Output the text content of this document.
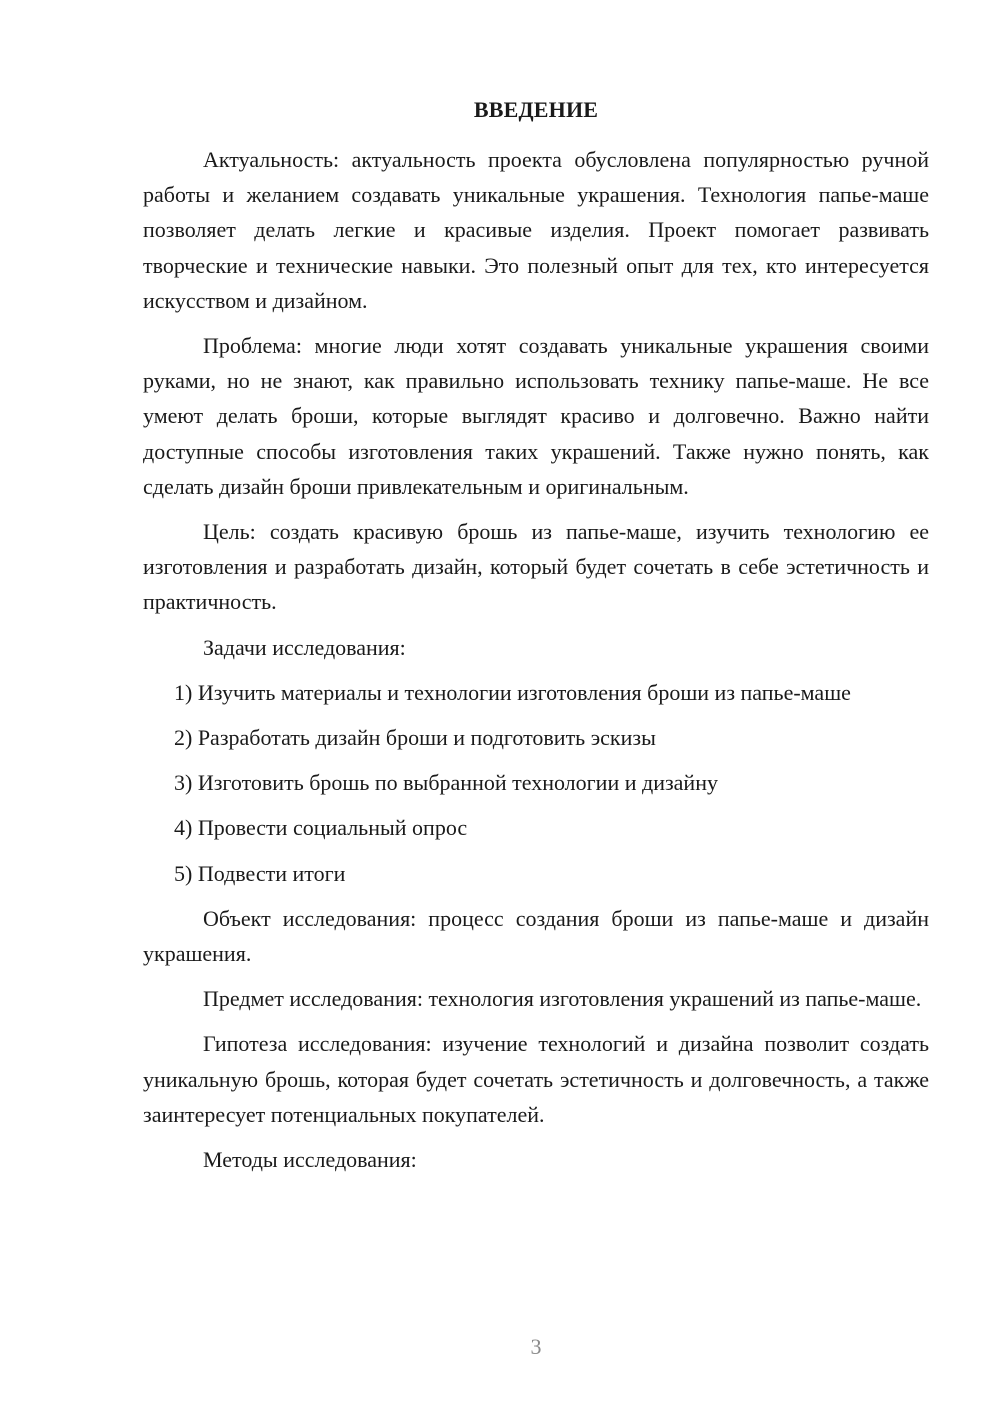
ВВЕДЕНИЕ

Актуальность: актуальность проекта обусловлена популярностью ручной работы и желанием создавать уникальные украшения. Технология папье-маше позволяет делать легкие и красивые изделия. Проект помогает развивать творческие и технические навыки. Это полезный опыт для тех, кто интересуется искусством и дизайном.

Проблема: многие люди хотят создавать уникальные украшения своими руками, но не знают, как правильно использовать технику папье-маше. Не все умеют делать броши, которые выглядят красиво и долговечно. Важно найти доступные способы изготовления таких украшений. Также нужно понять, как сделать дизайн броши привлекательным и оригинальным.

Цель: создать красивую брошь из папье-маше, изучить технологию ее изготовления и разработать дизайн, который будет сочетать в себе эстетичность и практичность.

Задачи исследования:

1) Изучить материалы и технологии изготовления броши из папье-маше
2) Разработать дизайн броши и подготовить эскизы
3) Изготовить брошь по выбранной технологии и дизайну
4) Провести социальный опрос
5) Подвести итоги

Объект исследования: процесс создания броши из папье-маше и дизайн украшения.

Предмет исследования: технология изготовления украшений из папье-маше.

Гипотеза исследования: изучение технологий и дизайна позволит создать уникальную брошь, которая будет сочетать эстетичность и долговечность, а также заинтересует потенциальных покупателей.

Методы исследования:

3
